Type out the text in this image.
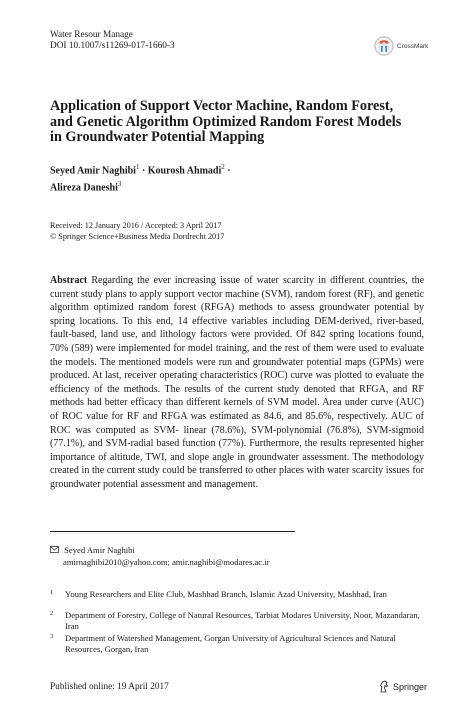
Water Resour Manage
DOI 10.1007/s11269-017-1660-3	CrossMark
Application of Support Vector Machine, Random Forest,
and Genetic Algorithm Optimized Random Forest Models
in Groundwater Potential Mapping
Seyed Amir Naghibi$^1$ · Kourosh Ahmadi$^2$ ·
Alireza Daneshi$^3$
Received: 12 January 2016 / Accepted: 3 April 2017
© Springer Science+Business Media Dordrecht 2017
Abstract Regarding the ever increasing issue of water scarcity in different countries, the current study plans to apply support vector machine (SVM), random forest (RF), and genetic algorithm optimized random forest (RFGA) methods to assess groundwater potential by spring locations. To this end, 14 effective variables including DEM-derived, river-based, fault-based, land use, and lithology factors were provided. Of 842 spring locations found, 70% (589) were implemented for model training, and the rest of them were used to evaluate the models. The mentioned models were run and groundwater potential maps (GPMs) were produced. At last, receiver operating characteristics (ROC) curve was plotted to evaluate the efficiency of the methods. The results of the current study denoted that RFGA, and RF methods had better efficacy than different kernels of SVM model. Area under curve (AUC) of ROC value for RF and RFGA was estimated as 84.6, and 85.6%, respectively. AUC of ROC was computed as SVM- linear (78.6%), SVM-polynomial (76.8%), SVM-sigmoid (77.1%), and SVM-radial based function (77%). Furthermore, the results represented higher importance of altitude, TWI, and slope angle in groundwater assessment. The methodology created in the current study could be transferred to other places with water scarcity issues for groundwater potential assessment and management.
Seyed Amir Naghibi
amirnaghibi2010@yahoo.com; amir.naghibi@modares.ac.ir
1	Young Researchers and Elite Club, Mashhad Branch, Islamic Azad University, Mashhad, Iran
2	Department of Forestry, College of Natural Resources, Tarbiat Modares University, Noor, Mazandaran, Iran
3	Department of Watershed Management, Gorgan University of Agricultural Sciences and Natural Resources, Gorgan, Iran
Published online: 19 April 2017	Springer
